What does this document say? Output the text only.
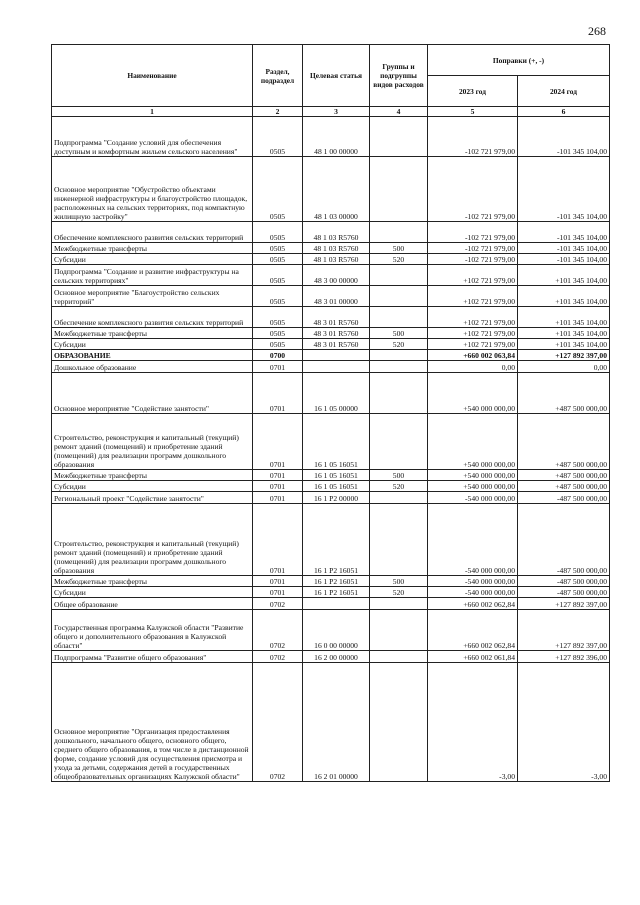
268
Наименование	Раздел, подраздел	Целевая статья	Группы и подгруппы видов расходов	Поправки (+, -)	
				2023 год	2024 год
1	2	3	4	5	6
Подпрограмма "Создание условий для обеспечения доступным и комфортным жильем сельского населения"	0505	48 1 00 00000		-102 721 979,00	-101 345 104,00
Основное мероприятие "Обустройство объектами инженерной инфраструктуры и благоустройство площадок, расположенных на сельских территориях, под компактную жилищную застройку"	0505	48 1 03 00000		-102 721 979,00	-101 345 104,00
Обеспечение комплексного развития сельских территорий	0505	48 1 03 R5760		-102 721 979,00	-101 345 104,00
Межбюджетные трансферты	0505	48 1 03 R5760	500	-102 721 979,00	-101 345 104,00
Субсидии	0505	48 1 03 R5760	520	-102 721 979,00	-101 345 104,00
Подпрограмма "Создание и развитие инфраструктуры на сельских территориях"	0505	48 3 00 00000		+102 721 979,00	+101 345 104,00
Основное мероприятие "Благоустройство сельских территорий"	0505	48 3 01 00000		+102 721 979,00	+101 345 104,00
Обеспечение комплексного развития сельских территорий	0505	48 3 01 R5760		+102 721 979,00	+101 345 104,00
Межбюджетные трансферты	0505	48 3 01 R5760	500	+102 721 979,00	+101 345 104,00
Субсидии	0505	48 3 01 R5760	520	+102 721 979,00	+101 345 104,00
ОБРАЗОВАНИЕ	0700			+660 002 063,84	+127 892 397,00
Дошкольное образование	0701			0,00	0,00
Основное мероприятие "Содействие занятости"	0701	16 1 05 00000		+540 000 000,00	+487 500 000,00
Строительство, реконструкция и капитальный (текущий) ремонт зданий (помещений) и приобретение зданий (помещений) для реализации программ дошкольного образования	0701	16 1 05 16051		+540 000 000,00	+487 500 000,00
Межбюджетные трансферты	0701	16 1 05 16051	500	+540 000 000,00	+487 500 000,00
Субсидии	0701	16 1 05 16051	520	+540 000 000,00	+487 500 000,00
Региональный проект "Содействие занятости"	0701	16 1 P2 00000		-540 000 000,00	-487 500 000,00
Строительство, реконструкция и капитальный (текущий) ремонт зданий (помещений) и приобретение зданий (помещений) для реализации программ дошкольного образования	0701	16 1 P2 16051		-540 000 000,00	-487 500 000,00
Межбюджетные трансферты	0701	16 1 P2 16051	500	-540 000 000,00	-487 500 000,00
Субсидии	0701	16 1 P2 16051	520	-540 000 000,00	-487 500 000,00
Общее образование	0702			+660 002 062,84	+127 892 397,00
Государственная программа Калужской области "Развитие общего и дополнительного образования в Калужской области"	0702	16 0 00 00000		+660 002 062,84	+127 892 397,00
Подпрограмма "Развитие общего образования"	0702	16 2 00 00000		+660 002 061,84	+127 892 396,00
Основное мероприятие "Организация предоставления дошкольного, начального общего, основного общего, среднего общего образования, в том числе в дистанционной форме, создание условий для осуществления присмотра и ухода за детьми, содержания детей в государственных общеобразовательных организациях Калужской области"	0702	16 2 01 00000		-3,00	-3,00
